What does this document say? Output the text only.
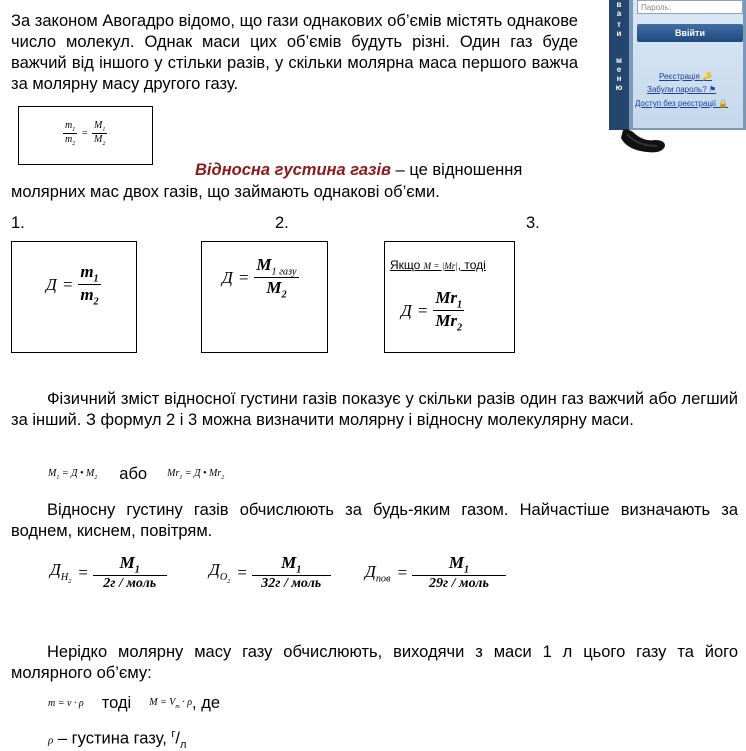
в
а
т
и
м
е
н
ю
Пароль:
Ввійти
Реєстрація 🔑
Забули пароль? ⚑
Доступ без реєстрації 🔒
За законом Авогадро відомо, що гази однакових об’ємів містять однакове число молекул. Однак маси цих об’ємів будуть різні. Один газ буде важчий від іншого у стільки разів, у скільки молярна маса першого важча за молярну масу другого газу.
$\frac{m_1}{m_2} = \frac{M_1}{M_2}$
Відносна густина газів – це відношення
молярних мас двох газів, що займають однакові об’єми.
1.	2.	3.
$Д = \frac{m_1}{m_2}$	$Д = \frac{M_{1 газу}}{M_2}$	Якщо M = |Mr|, тоді
$Д = \frac{Mr_1}{Mr_2}$
Фізичний зміст відносної густини газів показує у скільки разів один газ важчий або легший за інший. З формул 2 і 3 можна визначити молярну і відносну молекулярну маси.
$M_1 = Д$ • $M_2$ або $Mr_1 = Д$ • $Mr_2$
Відносну густину газів обчислюють за будь-яким газом. Найчастіше визначають за воднем, киснем, повітрям.
$Д_{H_2}$
= $\frac{M_1}{\text{2г / моль}}$	$Д_{O_2}$
= $\frac{M_1}{\text{32г / моль}} Д_{пов} = \frac{M_1}{\text{29г / моль}}$
Нерідко молярну масу газу обчислюють, виходячи з маси 1 л цього газу та його молярного об’єму:
m = v · ρ тоді $M = V_m \cdot \rho$ , де
ρ – густина газу, $^г/_л$
